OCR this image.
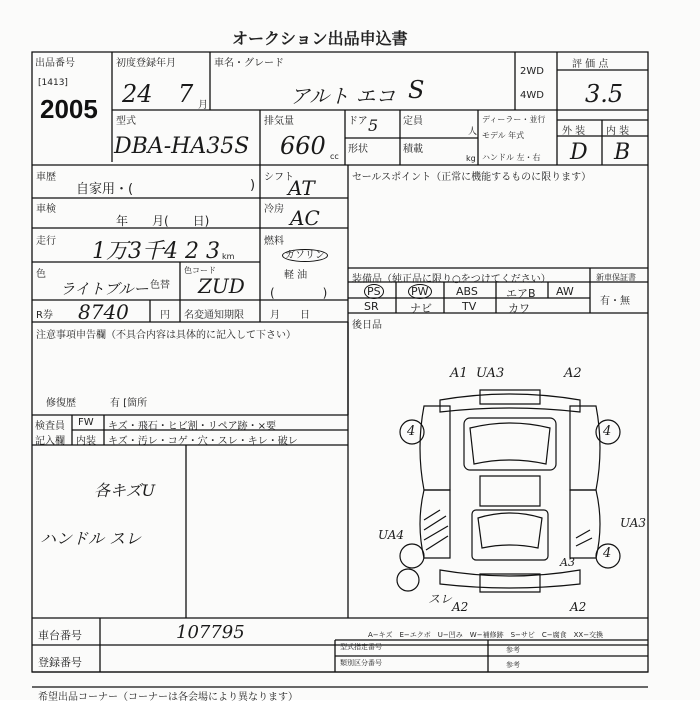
オークション出品申込書
出品番号
[1413]
2005
初度登録年月
24 7 月
車名・グレード
アルト エコ S
2WD
4WD
評 価 点
3.5
型式
DBA-HA35S
排気量
660 cc
ドア 5
形状
定員
人
積載
kg
ディーラー・並行
モデル 年式
ハンドル 左・右
外 装 内 装
D B
車歴
自家用・(	)
シフト
AT
車検
年　　月(　　日)
冷房 AC
走行 1万3千4 2 3 km
燃料
ガソリン
軽 油
(　　　　)
色
ライトブルー 色替
色コード
ZUD
R券 8740	円 名変通知期限	月　　日
セールスポイント（正常に機能するものに限ります）
装備品（純正品に限り○をつけてください）	新車保証書
有・無
PS	PW ABS	エアB AW
SR	ナビ	TV	カワ
後日品
注意事項申告欄（不具合内容は具体的に記入して下さい）
修復歴	有 [箇所
検査員
記入欄
FW キズ・飛石・ヒビ割・リペア跡・×要
内装 キズ・汚レ・コゲ・穴・スレ・キレ・破レ
各キズU
ハンドル スレ
A1 UA3	A2
4	4
UA4
UA3
A3
4
A2	A2
スレ
車台番号	107795	A−キズ　E−エクボ　U−凹み　W−補修跡　S−サビ　C−腐食　XX−交換
登録番号
型式指定番号
類別区分番号
参考
参考
希望出品コーナー（コーナーは各会場により異なります）
